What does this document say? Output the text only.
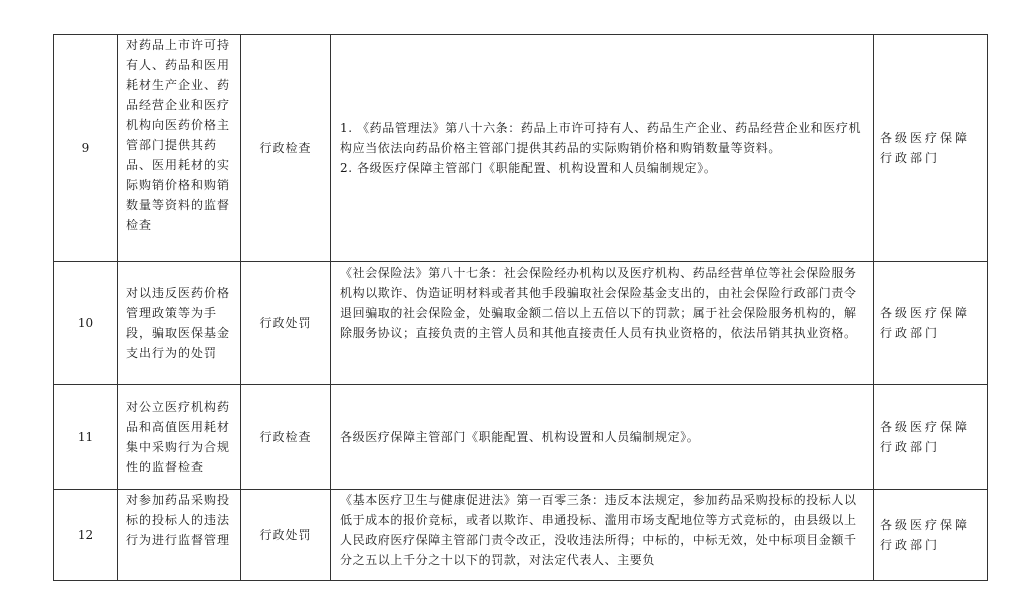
9	对药品上市许可持有人、药品和医用耗材生产企业、药品经营企业和医疗机构向医药价格主管部门提供其药品、医用耗材的实际购销价格和购销数量等资料的监督检查	行政检查	1. 《药品管理法》第八十六条：药品上市许可持有人、药品生产企业、药品经营企业和医疗机构应当依法向药品价格主管部门提供其药品的实际购销价格和购销数量等资料。
2. 各级医疗保障主管部门《职能配置、机构设置和人员编制规定》。	各级医疗保障行政部门
10	对以违反医药价格管理政策等为手段，骗取医保基金支出行为的处罚	行政处罚	《社会保险法》第八十七条：社会保险经办机构以及医疗机构、药品经营单位等社会保险服务机构以欺诈、伪造证明材料或者其他手段骗取社会保险基金支出的，由社会保险行政部门责令退回骗取的社会保险金，处骗取金额二倍以上五倍以下的罚款；属于社会保险服务机构的，解除服务协议；直接负责的主管人员和其他直接责任人员有执业资格的，依法吊销其执业资格。	各级医疗保障行政部门
11	对公立医疗机构药品和高值医用耗材集中采购行为合规性的监督检查	行政检查	各级医疗保障主管部门《职能配置、机构设置和人员编制规定》。	各级医疗保障行政部门
12	对参加药品采购投标的投标人的违法行为进行监督管理	行政处罚	《基本医疗卫生与健康促进法》第一百零三条：违反本法规定，参加药品采购投标的投标人以低于成本的报价竞标，或者以欺诈、串通投标、滥用市场支配地位等方式竞标的，由县级以上人民政府医疗保障主管部门责令改正，没收违法所得；中标的，中标无效，处中标项目金额千分之五以上千分之十以下的罚款，对法定代表人、主要负	各级医疗保障行政部门
